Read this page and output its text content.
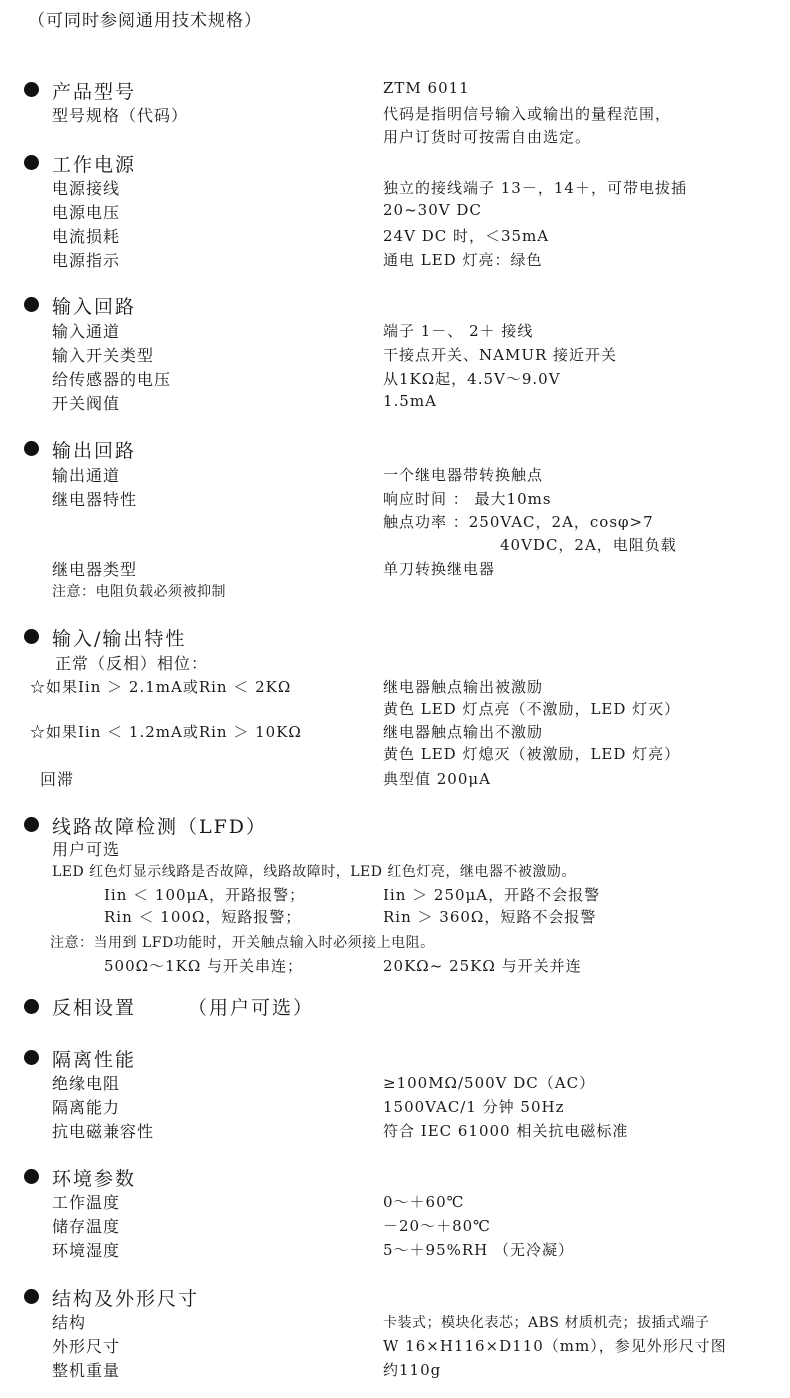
（可同时参阅通用技术规格）
产品型号	ZTM 6011
型号规格（代码）	代码是指明信号输入或输出的量程范围，
用户订货时可按需自由选定。
工作电源
电源接线	独立的接线端子 13－，14＋，可带电拔插
电源电压	20~30V DC
电流损耗	24V DC 时，＜35mA
电源指示	通电 LED 灯亮：绿色
输入回路
输入通道	端子 1－、 2＋ 接线
输入开关类型	干接点开关、NAMUR 接近开关
给传感器的电压	从1KΩ起，4.5V～9.0V
开关阀值	1.5mA
输出回路
输出通道	一个继电器带转换触点
继电器特性	响应时间 ： 最大10ms
触点功率 ：250VAC，2A，cosφ>7
40VDC，2A，电阻负载
继电器类型	单刀转换继电器
注意：电阻负载必须被抑制
输入/输出特性
正常（反相）相位：
☆如果Iin ＞ 2.1mA或Rin ＜ 2KΩ	继电器触点输出被激励
黄色 LED 灯点亮（不激励，LED 灯灭）
☆如果Iin ＜ 1.2mA或Rin ＞ 10KΩ	继电器触点输出不激励
黄色 LED 灯熄灭（被激励，LED 灯亮）
回滞	典型值 200μA
线路故障检测（LFD）
用户可选
LED 红色灯显示线路是否故障，线路故障时，LED 红色灯亮，继电器不被激励。
Iin ＜ 100μA，开路报警；	Iin ＞ 250μA，开路不会报警
Rin ＜ 100Ω，短路报警；	Rin ＞ 360Ω，短路不会报警
注意：当用到 LFD功能时，开关触点输入时必须接上电阻。
500Ω～1KΩ 与开关串连；	20KΩ~ 25KΩ 与开关并连
反相设置	（用户可选）
隔离性能
绝缘电阻	≥100MΩ/500V DC（AC）
隔离能力	1500VAC/1 分钟 50Hz
抗电磁兼容性	符合 IEC 61000 相关抗电磁标准
环境参数
工作温度	0～＋60℃
储存温度	－20～＋80℃
环境湿度	5～＋95%RH （无冷凝）
结构及外形尺寸
结构	卡装式；模块化表芯；ABS 材质机壳；拔插式端子
外形尺寸	W 16×H116×D110（mm），参见外形尺寸图
整机重量	约110g
